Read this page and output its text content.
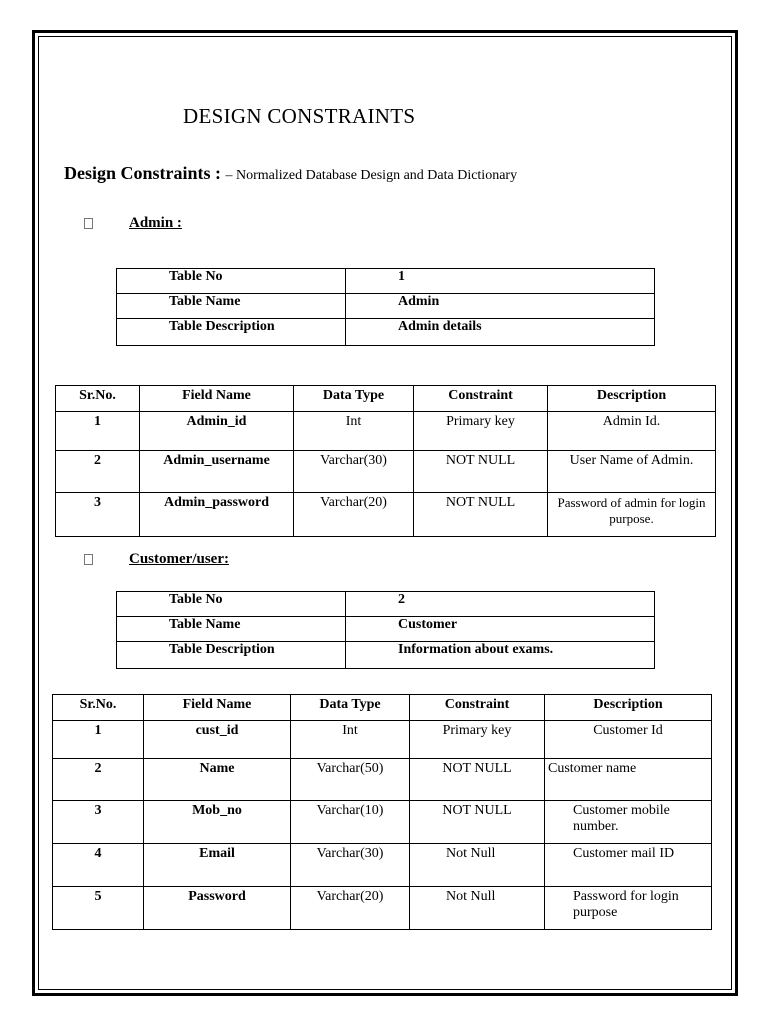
DESIGN CONSTRAINTS
Design Constraints : – Normalized Database Design and Data Dictionary
Admin :
Table No	1
Table Name	Admin
Table Description	Admin details
Sr.No.	Field Name	Data Type	Constraint	Description
1	Admin_id	Int	Primary key	Admin Id.
2	Admin_username	Varchar(30)	NOT NULL	User Name of Admin.
3	Admin_password	Varchar(20)	NOT NULL	Password of admin for login purpose.
Customer/user:
Table No	2
Table Name	Customer
Table Description	Information about exams.
Sr.No.	Field Name	Data Type	Constraint	Description
1	cust_id	Int	Primary key	Customer Id
2	Name	Varchar(50)	NOT NULL	Customer name
3	Mob_no	Varchar(10)	NOT NULL	Customer mobile number.
4	Email	Varchar(30)	Not Null	Customer mail ID
5	Password	Varchar(20)	Not Null	Password for login purpose
